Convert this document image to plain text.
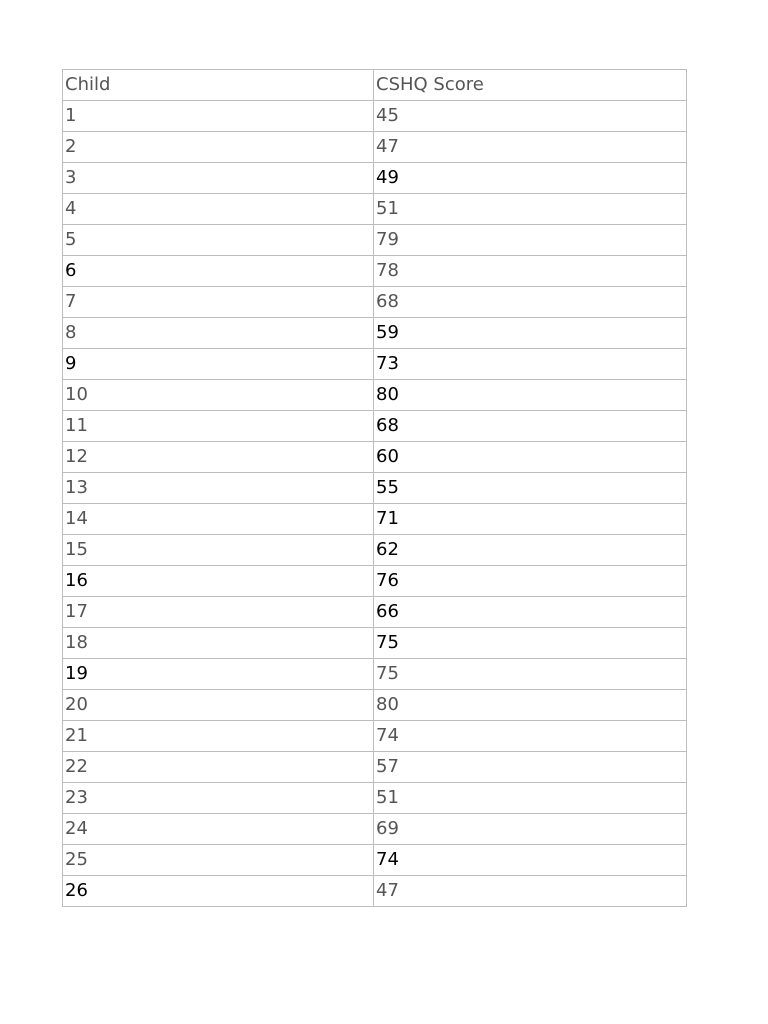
Child	CSHQ Score
1	45
2	47
3	49
4	51
5	79
6	78
7	68
8	59
9	73
10	80
11	68
12	60
13	55
14	71
15	62
16	76
17	66
18	75
19	75
20	80
21	74
22	57
23	51
24	69
25	74
26	47
